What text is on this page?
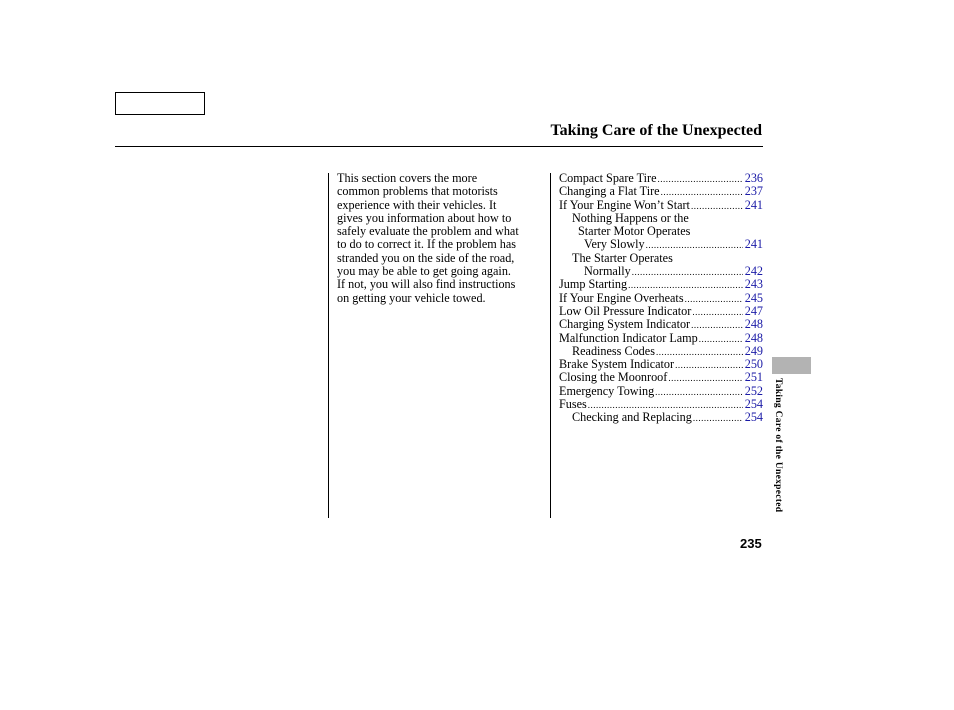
Taking Care of the Unexpected

This section covers the more

common problems that motorists

experience with their vehicles. It

gives you information about how to

safely evaluate the problem and what

to do to correct it. If the problem has

stranded you on the side of the road,

you may be able to get going again.

If not, you will also find instructions

on getting your vehicle towed.

Compact Spare Tire .....	236
Changing a Flat Tire .....	237
If Your Engine Won’t Start .....	241
Nothing Happens or the
Starter Motor Operates
Very Slowly .....	241
The Starter Operates
Normally .....	242
Jump Starting .....	243
If Your Engine Overheats .....	245
Low Oil Pressure Indicator .....	247
Charging System Indicator .....	248
Malfunction Indicator Lamp .....	248
Readiness Codes .....	249
Brake System Indicator .....	250
Closing the Moonroof .....	251
Emergency Towing .....	252
Fuses .....	254
Checking and Replacing .....	254 Taking Care of the Unexpected
235
